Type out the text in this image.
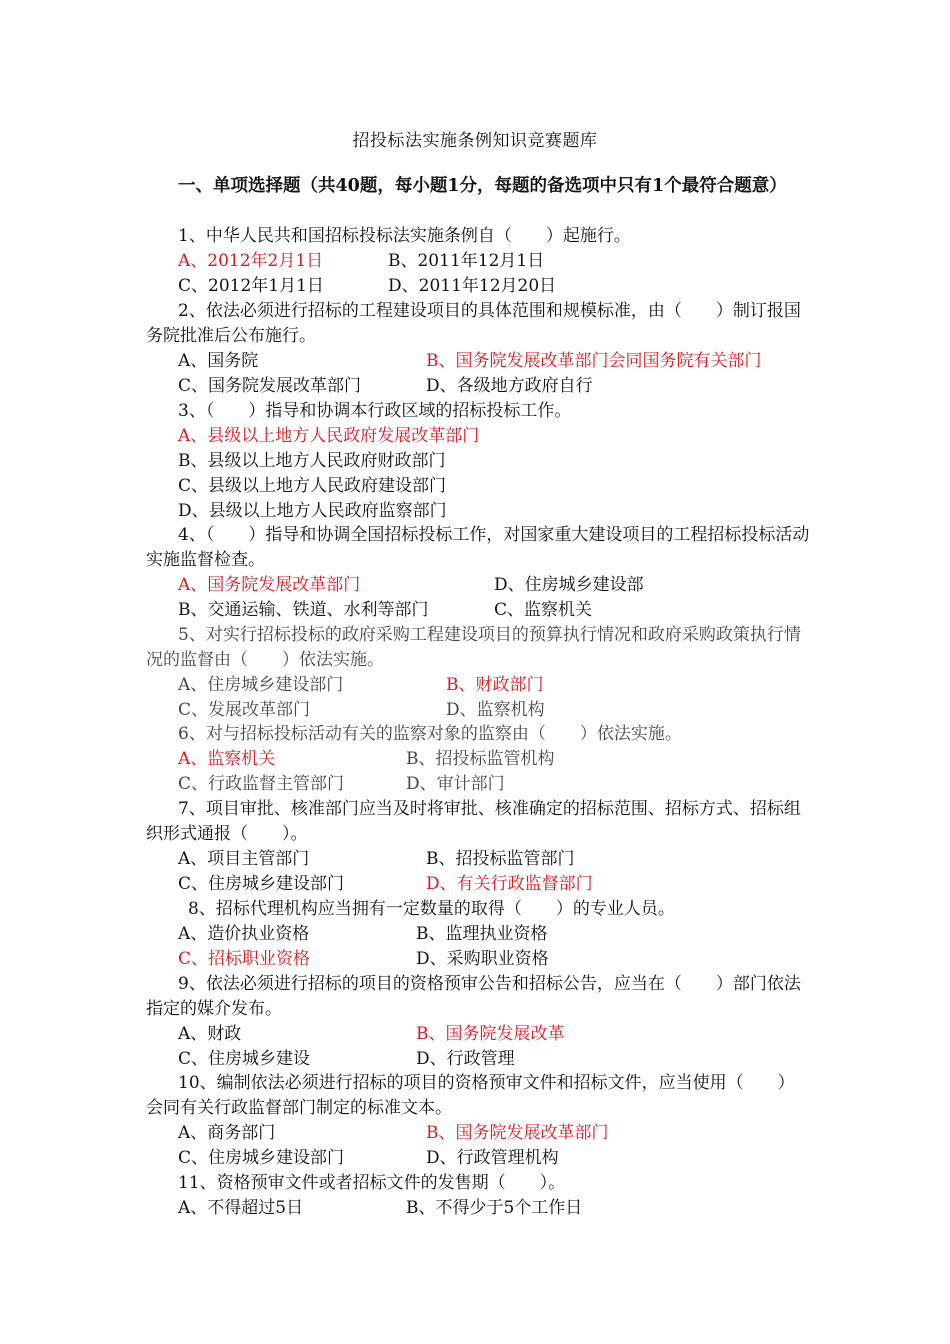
招投标法实施条例知识竞赛题库
一、单项选择题（共40题，每小题1分，每题的备选项中只有1个最符合题意）
1、中华人民共和国招标投标法实施条例自（　　）起施行。
A、2012年2月1日	B、2011年12月1日
C、2012年1月1日	D、2011年12月20日
2、依法必须进行招标的工程建设项目的具体范围和规模标准，由（　　）制订报国务院批准后公布施行。
A、国务院	B、国务院发展改革部门会同国务院有关部门
C、国务院发展改革部门	D、各级地方政府自行
3、（　　）指导和协调本行政区域的招标投标工作。
A、县级以上地方人民政府发展改革部门
B、县级以上地方人民政府财政部门
C、县级以上地方人民政府建设部门
D、县级以上地方人民政府监察部门
4、（　　）指导和协调全国招标投标工作，对国家重大建设项目的工程招标投标活动实施监督检查。
A、国务院发展改革部门	D、住房城乡建设部
B、交通运输、铁道、水利等部门	C、监察机关
5、对实行招标投标的政府采购工程建设项目的预算执行情况和政府采购政策执行情况的监督由（　　）依法实施。
A、住房城乡建设部门	B、财政部门
C、发展改革部门	D、监察机构
6、对与招标投标活动有关的监察对象的监察由（　　）依法实施。
A、监察机关	B、招投标监管机构
C、行政监督主管部门	D、审计部门
7、项目审批、核准部门应当及时将审批、核准确定的招标范围、招标方式、招标组织形式通报（　　）。
A、项目主管部门	B、招投标监管部门
C、住房城乡建设部门	D、有关行政监督部门
8、招标代理机构应当拥有一定数量的取得（　　）的专业人员。
A、造价执业资格	B、监理执业资格
C、招标职业资格	D、采购职业资格
9、依法必须进行招标的项目的资格预审公告和招标公告，应当在（　　）部门依法指定的媒介发布。
A、财政	B、国务院发展改革
C、住房城乡建设	D、行政管理
10、编制依法必须进行招标的项目的资格预审文件和招标文件，应当使用（　　）会同有关行政监督部门制定的标准文本。
A、商务部门	B、国务院发展改革部门
C、住房城乡建设部门	D、行政管理机构
11、资格预审文件或者招标文件的发售期（　　）。
A、不得超过5日	B、不得少于5个工作日
